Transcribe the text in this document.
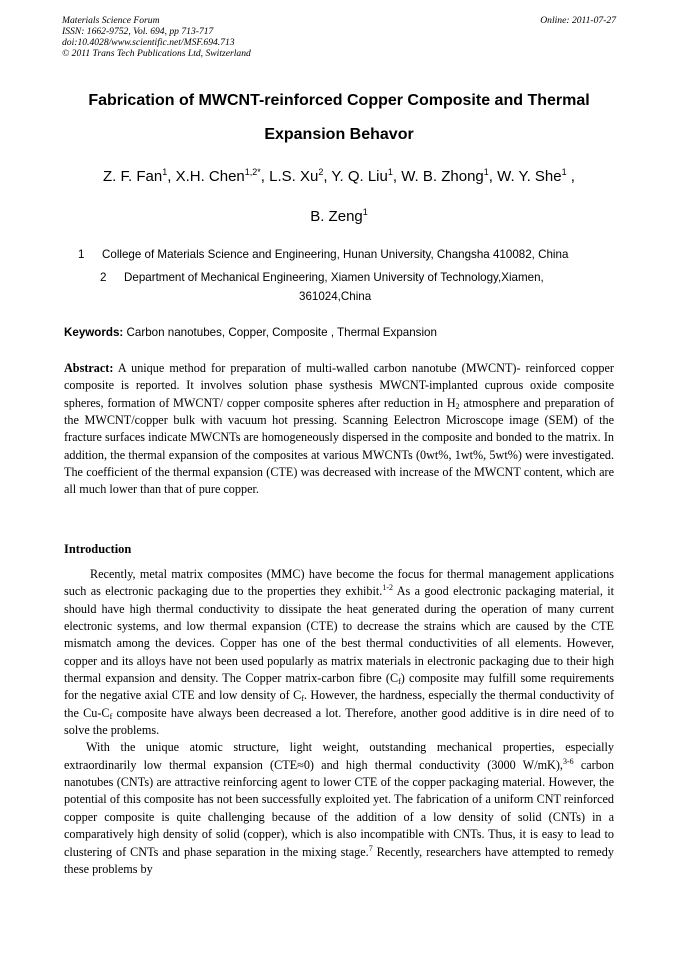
Materials Science Forum
ISSN: 1662-9752, Vol. 694, pp 713-717
doi:10.4028/www.scientific.net/MSF.694.713
© 2011 Trans Tech Publications Ltd, Switzerland
Online: 2011-07-27
Fabrication of MWCNT-reinforced Copper Composite and Thermal
Expansion Behavor
Z. F. Fan$^1$, X.H. Chen$^{1,2*}$, L.S. Xu$^2$, Y. Q. Liu$^1$, W. B. Zhong$^1$, W. Y. She$^1$ ,
B. Zeng$^1$
1 College of Materials Science and Engineering, Hunan University, Changsha 410082, China
2 Department of Mechanical Engineering, Xiamen University of Technology,Xiamen,
361024,China
Keywords: Carbon nanotubes, Copper, Composite , Thermal Expansion

Abstract: A unique method for preparation of multi-walled carbon nanotube (MWCNT)- reinforced copper composite is reported. It involves solution phase systhesis MWCNT-implanted cuprous oxide composite spheres, formation of MWCNT/ copper composite spheres after reduction in $H_2$ atmosphere and preparation of the MWCNT/copper bulk with vacuum hot pressing. Scanning Eelectron Microscope image (SEM) of the fracture surfaces indicate MWCNTs are homogeneously dispersed in the composite and bonded to the matrix. In addition, the thermal expansion of the composites at various MWCNTs (0wt%, 1wt%, 5wt%) were investigated. The coefficient of the thermal expansion (CTE) was decreased with increase of the MWCNT content, which are all much lower than that of pure copper.

Introduction

Recently, metal matrix composites (MMC) have become the focus for thermal management applications such as electronic packaging due to the properties they exhibit.$^{1-2}$ As a good electronic packaging material, it should have high thermal conductivity to dissipate the heat generated during the operation of many current electronic systems, and low thermal expansion (CTE) to decrease the strains which are caused by the CTE mismatch among the devices. Copper has one of the best thermal conductivities of all elements. However, copper and its alloys have not been used popularly as matrix materials in electronic packaging due to their high thermal expansion and density. The Copper matrix-carbon fibre $(C_f)$ composite may fulfill some requirements for the negative axial CTE and low density of $C_f$. However, the hardness, especially the thermal conductivity of the $Cu-C_f$ composite have always been decreased a lot. Therefore, another good additive is in dire need of to solve the problems.

With the unique atomic structure, light weight, outstanding mechanical properties, especially extraordinarily low thermal expansion (CTE≈0) and high thermal conductivity (3000 W/mK),$^{3-6}$ carbon nanotubes (CNTs) are attractive reinforcing agent to lower CTE of the copper packaging material. However, the potential of this composite has not been successfully exploited yet. The fabrication of a uniform CNT reinforced copper composite is quite challenging because of the addition of a low density of solid (CNTs) in a comparatively high density of solid (copper), which is also incompatible with CNTs. Thus, it is easy to lead to clustering of CNTs and phase separation in the mixing stage.$^7$ Recently, researchers have attempted to remedy these problems by
